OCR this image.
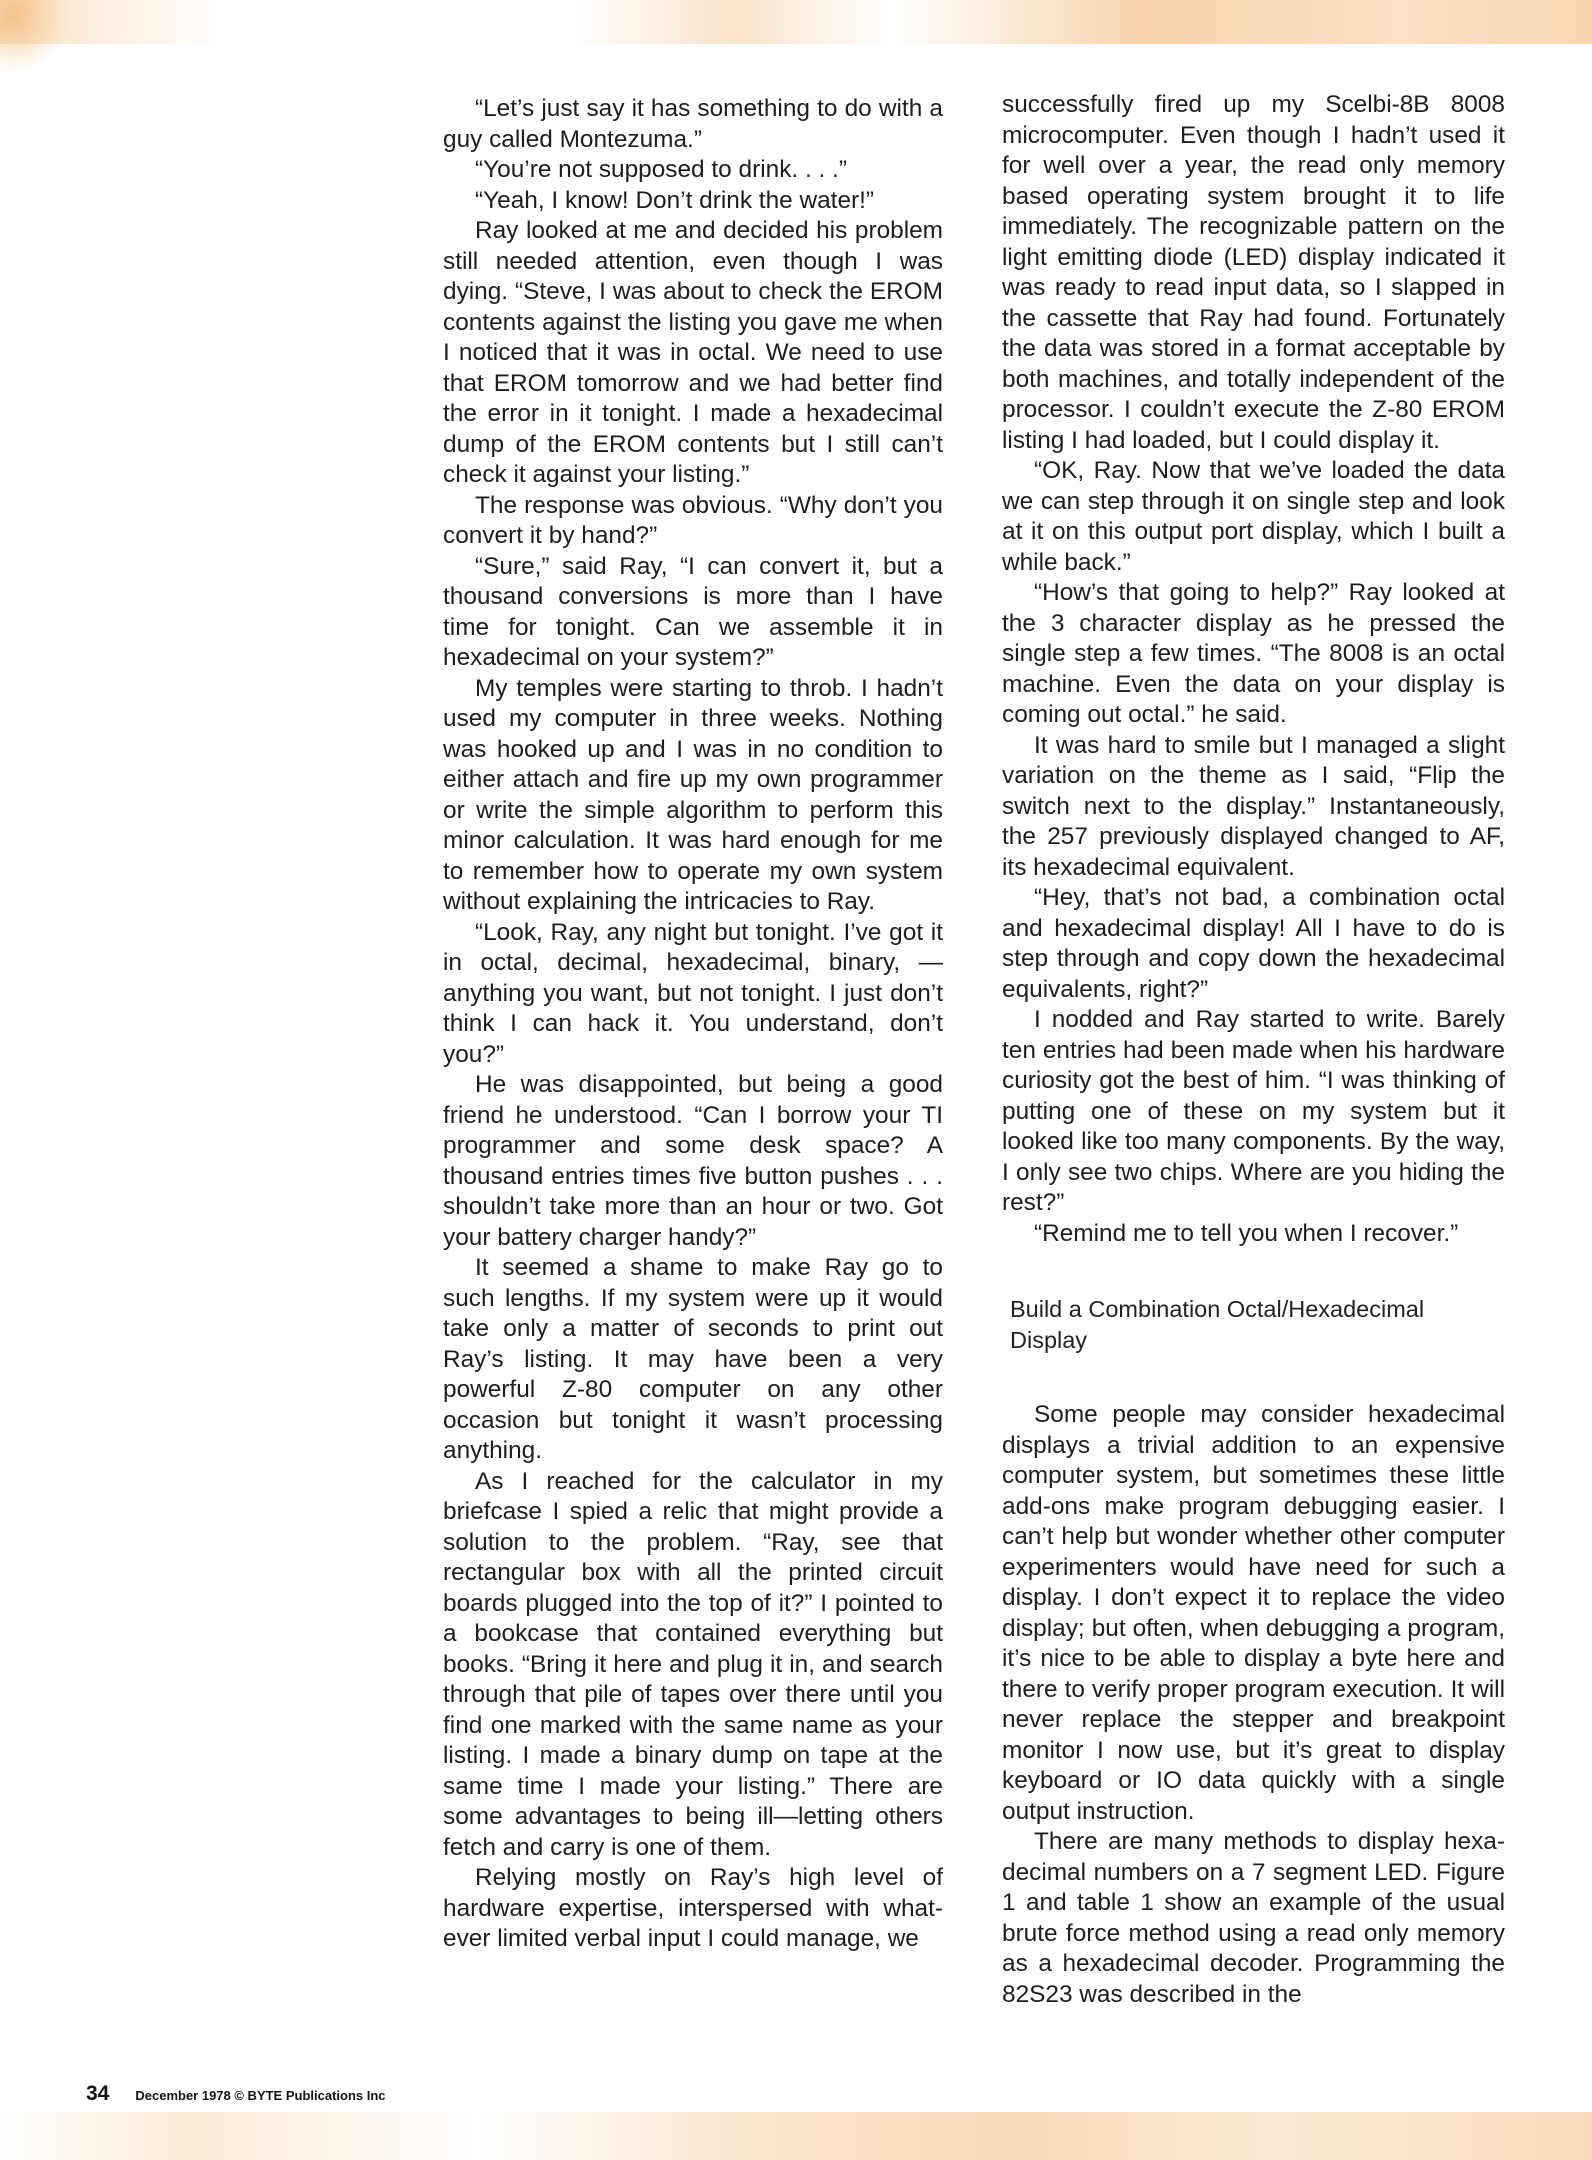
“Let’s just say it has something to do with a guy called Montezuma.”

“You’re not supposed to drink. . . .”

“Yeah, I know! Don’t drink the water!”

Ray looked at me and decided his problem still needed attention, even though I was dying. “Steve, I was about to check the EROM contents against the listing you gave me when I noticed that it was in octal. We need to use that EROM tomorrow and we had better find the error in it tonight. I made a hexadecimal dump of the EROM contents but I still can’t check it against your listing.”

The response was obvious. “Why don’t you convert it by hand?”

“Sure,” said Ray, “I can convert it, but a thousand conversions is more than I have time for tonight. Can we assemble it in hexadecimal on your system?”

My temples were starting to throb. I hadn’t used my computer in three weeks. Nothing was hooked up and I was in no condition to either attach and fire up my own programmer or write the simple algorithm to perform this minor calculation. It was hard enough for me to remember how to operate my own system without explaining the intricacies to Ray.

“Look, Ray, any night but tonight. I’ve got it in octal, decimal, hexadecimal, binary, —anything you want, but not tonight. I just don’t think I can hack it. You understand, don’t you?”

He was disappointed, but being a good friend he understood. “Can I borrow your TI programmer and some desk space? A thousand entries times five button pushes . . . shouldn’t take more than an hour or two. Got your battery charger handy?”

It seemed a shame to make Ray go to such lengths. If my system were up it would take only a matter of seconds to print out Ray’s listing. It may have been a very powerful Z-80 computer on any other occasion but tonight it wasn’t processing anything.

As I reached for the calculator in my briefcase I spied a relic that might provide a solution to the problem. “Ray, see that rectangular box with all the printed circuit boards plugged into the top of it?” I pointed to a bookcase that contained everything but books. “Bring it here and plug it in, and search through that pile of tapes over there until you find one marked with the same name as your listing. I made a binary dump on tape at the same time I made your listing.” There are some advantages to being ill—letting others fetch and carry is one of them.

Relying mostly on Ray’s high level of hardware expertise, interspersed with whatever limited verbal input I could manage, we

successfully fired up my Scelbi-8B 8008 microcomputer. Even though I hadn’t used it for well over a year, the read only memory based operating system brought it to life immediately. The recognizable pattern on the light emitting diode (LED) display indicated it was ready to read input data, so I slapped in the cassette that Ray had found. Fortunately the data was stored in a format acceptable by both machines, and totally independent of the processor. I couldn’t execute the Z-80 EROM listing I had loaded, but I could display it.

“OK, Ray. Now that we’ve loaded the data we can step through it on single step and look at it on this output port display, which I built a while back.”

“How’s that going to help?” Ray looked at the 3 character display as he pressed the single step a few times. “The 8008 is an octal machine. Even the data on your display is coming out octal.” he said.

It was hard to smile but I managed a slight variation on the theme as I said, “Flip the switch next to the display.” Instantaneously, the 257 previously displayed changed to AF, its hexadecimal equivalent.

“Hey, that’s not bad, a combination octal and hexadecimal display! All I have to do is step through and copy down the hexadecimal equivalents, right?”

I nodded and Ray started to write. Barely ten entries had been made when his hardware curiosity got the best of him. “I was thinking of putting one of these on my system but it looked like too many components. By the way, I only see two chips. Where are you hiding the rest?”

“Remind me to tell you when I recover.”

Build a Combination Octal/Hexadecimal Display

Some people may consider hexadecimal displays a trivial addition to an expensive computer system, but sometimes these little add-ons make program debugging easier. I can’t help but wonder whether other computer experimenters would have need for such a display. I don’t expect it to replace the video display; but often, when debugging a program, it’s nice to be able to display a byte here and there to verify proper program execution. It will never replace the stepper and breakpoint monitor I now use, but it’s great to display keyboard or IO data quickly with a single output instruction.

There are many methods to display hexadecimal numbers on a 7 segment LED. Figure 1 and table 1 show an example of the usual brute force method using a read only memory as a hexadecimal decoder. Programming the 82S23 was described in the

34 December 1978 © BYTE Publications Inc
